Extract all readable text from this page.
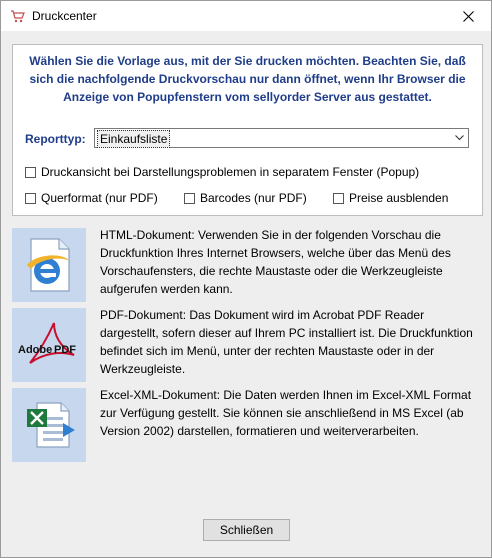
Druckcenter
Wählen Sie die Vorlage aus, mit der Sie drucken möchten. Beachten Sie, daß sich die nachfolgende Druckvorschau nur dann öffnet, wenn Ihr Browser die Anzeige von Popupfenstern vom sellyorder Server aus gestattet.
Reporttyp: Einkaufsliste
Druckansicht bei Darstellungsproblemen in separatem Fenster (Popup)
Querformat (nur PDF)	Barcodes (nur PDF)	Preise ausblenden
HTML-Dokument: Verwenden Sie in der folgenden Vorschau die Druckfunktion Ihres Internet Browsers, welche über das Menü des Vorschaufensters, die rechte Maustaste oder die Werkzeugleiste aufgerufen werden kann.
Adobe PDF
PDF-Dokument: Das Dokument wird im Acrobat PDF Reader dargestellt, sofern dieser auf Ihrem PC installiert ist. Die Druckfunktion befindet sich im Menü, unter der rechten Maustaste oder in der Werkzeugleiste.
Excel-XML-Dokument: Die Daten werden Ihnen im Excel-XML Format zur Verfügung gestellt. Sie können sie anschließend in MS Excel (ab Version 2002) darstellen, formatieren und weiterverarbeiten.
Schließen
